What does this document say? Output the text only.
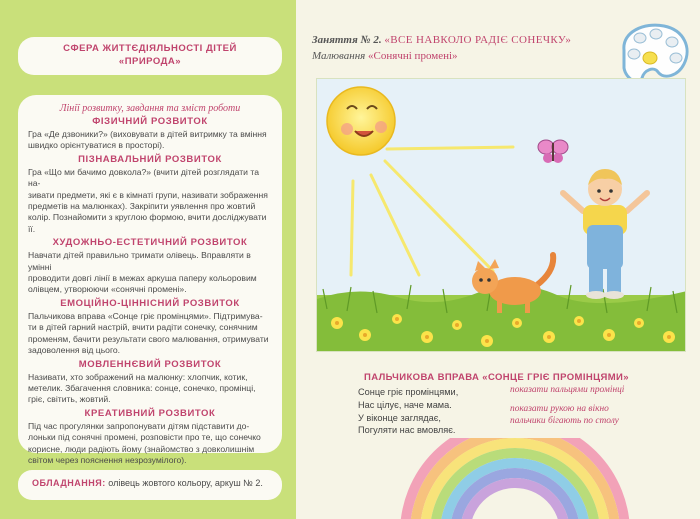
СФЕРА ЖИТТЄДІЯЛЬНОСТІ ДІТЕЙ
«ПРИРОДА»
Лінії розвитку, завдання та зміст роботи
ФІЗИЧНИЙ РОЗВИТОК
Гра «Де дзвоники?» (виховувати в дітей витримку та вміння
швидко орієнтуватися в просторі).
ПІЗНАВАЛЬНИЙ РОЗВИТОК
Гра «Що ми бачимо довкола?» (вчити дітей розглядати та на-
зивати предмети, які є в кімнаті групи, називати зображення
предметів на малюнках). Закріпити уявлення про жовтий
колір. Познайомити з круглою формою, вчити досліджувати її.
ХУДОЖНЬО-ЕСТЕТИЧНИЙ РОЗВИТОК
Навчати дітей правильно тримати олівець. Вправляти в умінні
проводити довгі лінії в межах аркуша паперу кольоровим
олівцем, утворюючи «сонячні промені».
ЕМОЦІЙНО-ЦІННІСНИЙ РОЗВИТОК
Пальчикова вправа «Сонце гріє промінцями». Підтримува-
ти в дітей гарний настрій, вчити радіти сонечку, сонячним
променям, бачити результати свого малювання, отримувати
задоволення від цього.
МОВЛЕННЄВИЙ РОЗВИТОК
Називати, хто зображений на малюнку: хлопчик, котик,
метелик. Збагачення словника: сонце, сонечко, промінці,
гріє, світить, жовтий.
КРЕАТИВНИЙ РОЗВИТОК
Під час прогулянки запропонувати дітям підставити до-
лоньки під сонячні промені, розповісти про те, що сонечко
корисне, люди радіють йому (знайомство з довколишнім
світом через пояснення незрозумілого).
ОБЛАДНАННЯ: олівець жовтого кольору, аркуш № 2.
Заняття № 2. «ВСЕ НАВКОЛО РАДІЄ СОНЕЧКУ»
Малювання «Сонячні промені»
ПАЛЬЧИКОВА ВПРАВА «СОНЦЕ ГРІЄ ПРОМІНЦЯМИ»
Сонце гріє промінцями,
Нас цілує, наче мама.
У віконце заглядає,
Погуляти нас вмовляє.
показати пальцями промінці
показати рукою на вікно
пальчики бігають по столу
